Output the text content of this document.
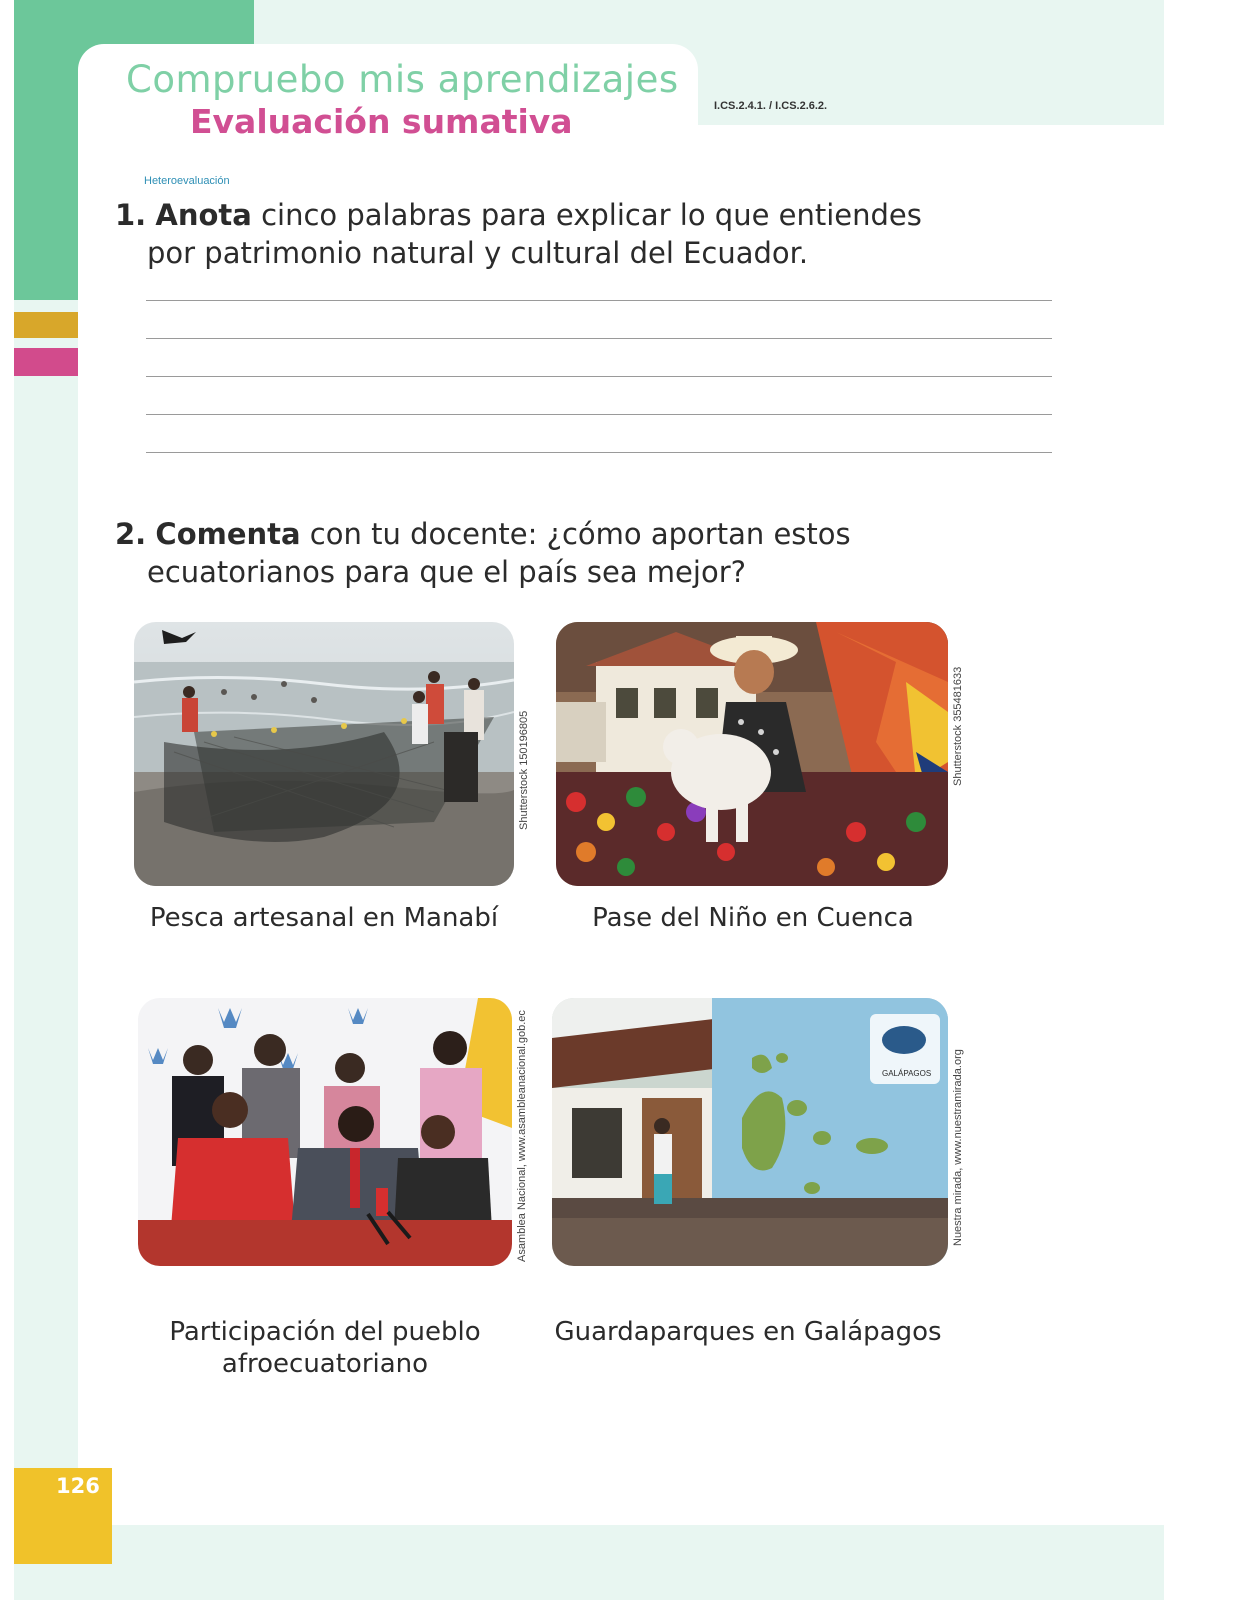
Compruebo mis aprendizajes
Evaluación sumativa	I.CS.2.4.1. / I.CS.2.6.2.
Heteroevaluación
1. Anota cinco palabras para explicar lo que entiendes
por patrimonio natural y cultural del Ecuador.
2. Comenta con tu docente: ¿cómo aportan estos
ecuatorianos para que el país sea mejor?
Shutterstock 150196805	Shutterstock 355481633
Asamblea Nacional, www.asambleanacional.gob.ec	GALÁPAGOS Nuestra mirada, www.nuestramirada.org
Pesca artesanal en Manabí	Pase del Niño en Cuenca
Participación del pueblo
afroecuatoriano
Guardaparques en Galápagos
126
